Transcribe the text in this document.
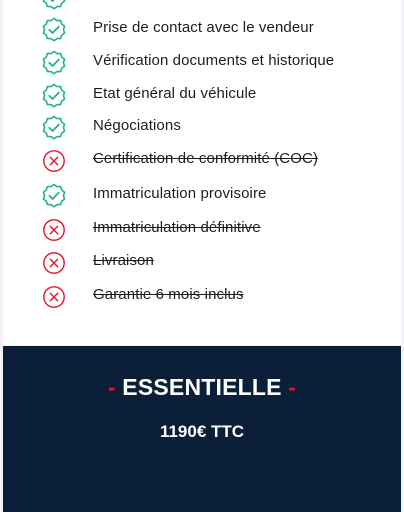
Prise de contact avec le vendeur
Vérification documents et historique
Etat général du véhicule
Négociations
Certification de conformité (COC)
Immatriculation provisoire
Immatriculation définitive
Livraison
Garantie 6 mois inclus
- ESSENTIELLE -
1190€ TTC
